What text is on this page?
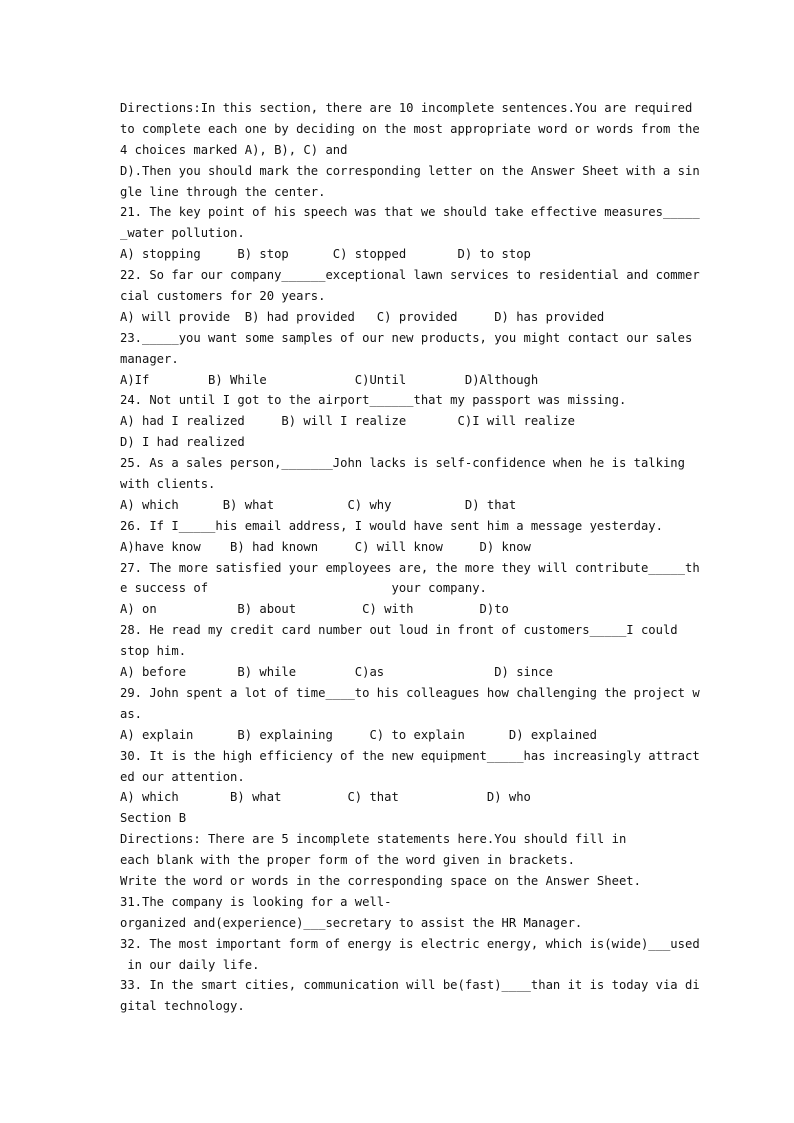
Directions:In this section, there are 10 incomplete sentences.You are required
to complete each one by deciding on the most appropriate word or words from the
4 choices marked A), B), C) and
D).Then you should mark the corresponding letter on the Answer Sheet with a sin
gle line through the center.
21. The key point of his speech was that we should take effective measures_____
_water pollution.
A) stopping     B) stop      C) stopped       D) to stop
22. So far our company______exceptional lawn services to residential and commer
cial customers for 20 years.
A) will provide  B) had provided   C) provided     D) has provided
23._____you want some samples of our new products, you might contact our sales
manager.
A)If        B) While            C)Until        D)Although
24. Not until I got to the airport______that my passport was missing.
A) had I realized     B) will I realize       C)I will realize
D) I had realized
25. As a sales person,_______John lacks is self-confidence when he is talking
with clients.
A) which      B) what          C) why          D) that
26. If I_____his email address, I would have sent him a message yesterday.
A)have know    B) had known     C) will know     D) know
27. The more satisfied your employees are, the more they will contribute_____th
e success of                         your company.
A) on           B) about         C) with         D)to
28. He read my credit card number out loud in front of customers_____I could
stop him.
A) before       B) while        C)as               D) since
29. John spent a lot of time____to his colleagues how challenging the project w
as.
A) explain      B) explaining     C) to explain      D) explained
30. It is the high efficiency of the new equipment_____has increasingly attract
ed our attention.
A) which       B) what         C) that            D) who
Section B
Directions: There are 5 incomplete statements here.You should fill in
each blank with the proper form of the word given in brackets.
Write the word or words in the corresponding space on the Answer Sheet.
31.The company is looking for a well-
organized and(experience)___secretary to assist the HR Manager.
32. The most important form of energy is electric energy, which is(wide)___used
in our daily life.
33. In the smart cities, communication will be(fast)____than it is today via di
gital technology.
